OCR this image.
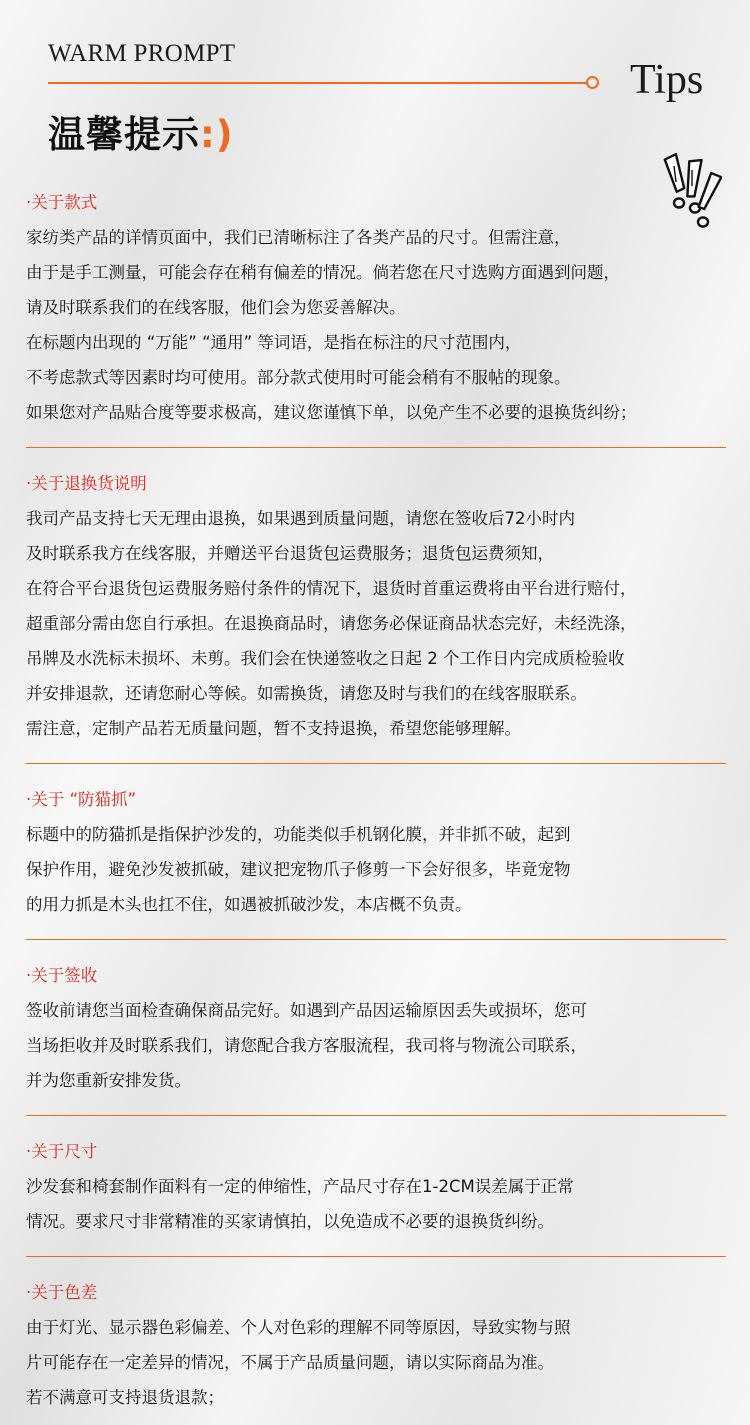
WARM PROMPT
Tips
温馨提示:)
·关于款式
家纺类产品的详情页面中，我们已清晰标注了各类产品的尺寸。但需注意，
由于是手工测量，可能会存在稍有偏差的情况。倘若您在尺寸选购方面遇到问题，
请及时联系我们的在线客服，他们会为您妥善解决。
在标题内出现的 “万能” “通用” 等词语，是指在标注的尺寸范围内，
不考虑款式等因素时均可使用。部分款式使用时可能会稍有不服帖的现象。
如果您对产品贴合度等要求极高，建议您谨慎下单，以免产生不必要的退换货纠纷；
·关于退换货说明
我司产品支持七天无理由退换，如果遇到质量问题，请您在签收后72小时内
及时联系我方在线客服，并赠送平台退货包运费服务；退货包运费须知，
在符合平台退货包运费服务赔付条件的情况下，退货时首重运费将由平台进行赔付，
超重部分需由您自行承担。在退换商品时，请您务必保证商品状态完好，未经洗涤，
吊牌及水洗标未损坏、未剪。我们会在快递签收之日起 2 个工作日内完成质检验收
并安排退款，还请您耐心等候。如需换货，请您及时与我们的在线客服联系。
需注意，定制产品若无质量问题，暂不支持退换，希望您能够理解。
·关于 “防猫抓”
标题中的防猫抓是指保护沙发的，功能类似手机钢化膜，并非抓不破，起到
保护作用，避免沙发被抓破，建议把宠物爪子修剪一下会好很多，毕竟宠物
的用力抓是木头也扛不住，如遇被抓破沙发，本店概不负责。
·关于签收
签收前请您当面检查确保商品完好。如遇到产品因运输原因丢失或损坏，您可
当场拒收并及时联系我们，请您配合我方客服流程，我司将与物流公司联系，
并为您重新安排发货。
·关于尺寸
沙发套和椅套制作面料有一定的伸缩性，产品尺寸存在1-2CM误差属于正常
情况。要求尺寸非常精准的买家请慎拍，以免造成不必要的退换货纠纷。
·关于色差
由于灯光、显示器色彩偏差、个人对色彩的理解不同等原因，导致实物与照
片可能存在一定差异的情况，不属于产品质量问题，请以实际商品为准。
若不满意可支持退货退款；
